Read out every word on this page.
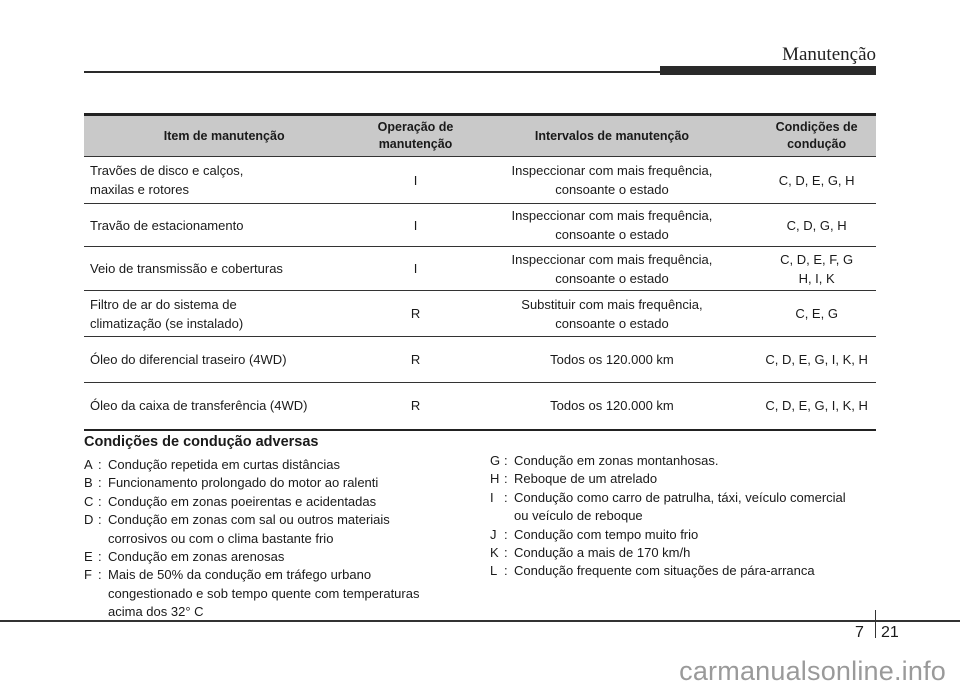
Manutenção
Item de manutenção	Operação de manutenção	Intervalos de manutenção	Condições de condução

Travões de disco e calços,
maxilas e rotores	I	Inspeccionar com mais frequência,
consoante o estado	C, D, E, G, H

Travão de estacionamento	I	Inspeccionar com mais frequência,
consoante o estado	C, D, G, H

Veio de transmissão e coberturas	I	Inspeccionar com mais frequência,
consoante o estado	C, D, E, F, G
H, I, K

Filtro de ar do sistema de
climatização (se instalado)	R	Substituir com mais frequência,
consoante o estado	C, E, G

Óleo do diferencial traseiro (4WD)	R	Todos os 120.000 km	C, D, E, G, I, K, H

Óleo da caixa de transferência (4WD)	R	Todos os 120.000 km	C, D, E, G, I, K, H
Condições de condução adversas
A : Condução repetida em curtas distâncias
B : Funcionamento prolongado do motor ao ralenti
C : Condução em zonas poeirentas e acidentadas
D : Condução em zonas com sal ou outros materiais
corrosivos ou com o clima bastante frio
E : Condução em zonas arenosas
F : Mais de 50% da condução em tráfego urbano
congestionado e sob tempo quente com temperaturas
acima dos 32° C
G : Condução em zonas montanhosas.
H : Reboque de um atrelado
I : Condução como carro de patrulha, táxi, veículo comercial
ou veículo de reboque
J : Condução com tempo muito frio
K : Condução a mais de 170 km/h
L : Condução frequente com situações de pára-arranca
7 21
carmanualsonline.info
